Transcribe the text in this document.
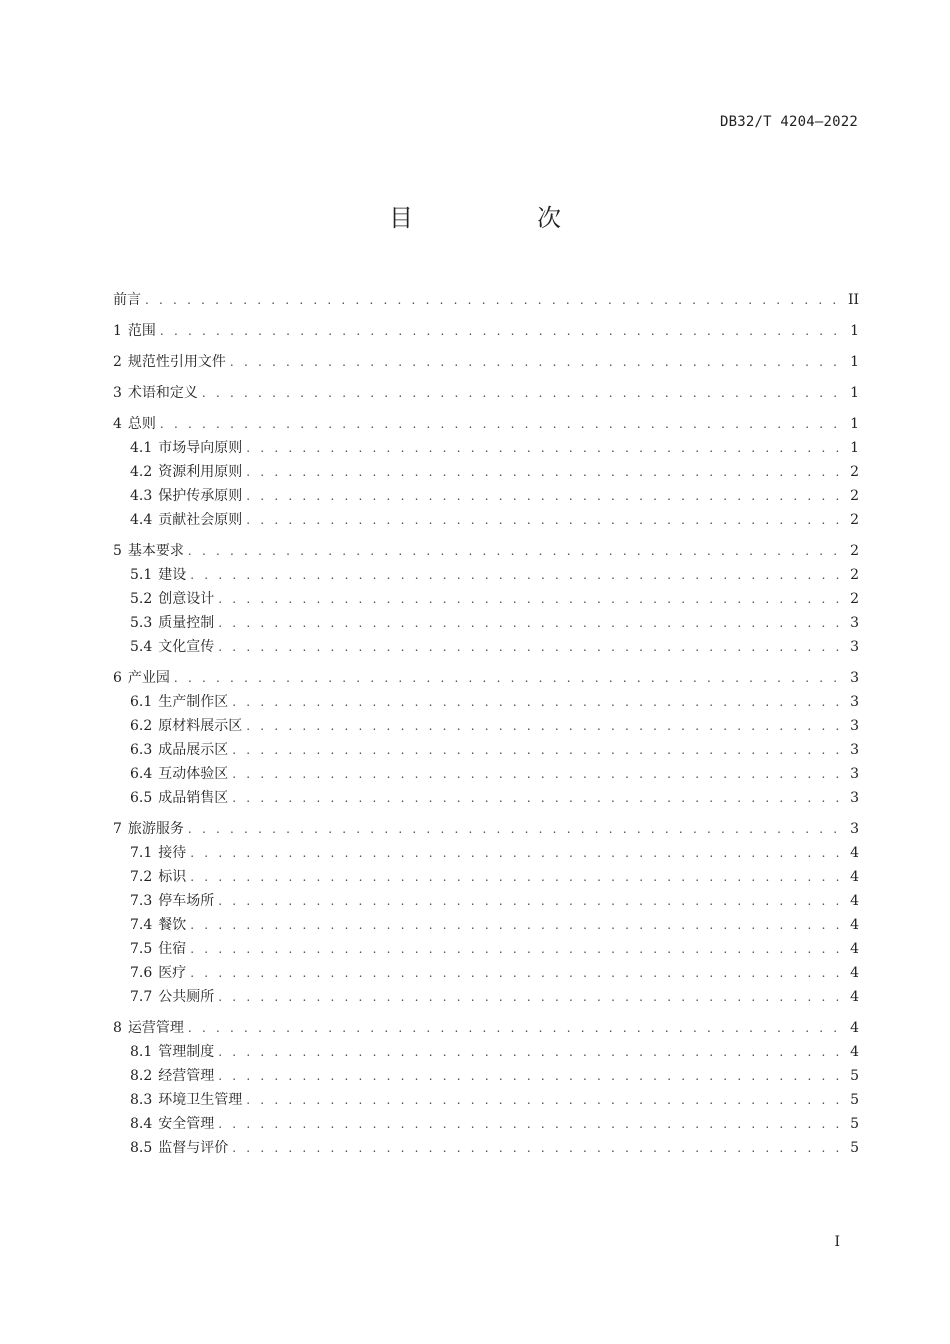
DB32/T 4204—2022
目　次
前言 . . .	II
1 范围 . . .	1
2 规范性引用文件 . . .	1
3 术语和定义 . . .	1
4 总则 . . .	1
4.1 市场导向原则 . . .	1
4.2 资源利用原则 . . .	2
4.3 保护传承原则 . . .	2
4.4 贡献社会原则 . . .	2
5 基本要求 . . .	2
5.1 建设 . . .	2
5.2 创意设计 . . .	2
5.3 质量控制 . . .	3
5.4 文化宣传 . . .	3
6 产业园 . . .	3
6.1 生产制作区 . . .	3
6.2 原材料展示区 . . .	3
6.3 成品展示区 . . .	3
6.4 互动体验区 . . .	3
6.5 成品销售区 . . .	3
7 旅游服务 . . .	3
7.1 接待 . . .	4
7.2 标识 . . .	4
7.3 停车场所 . . .	4
7.4 餐饮 . . .	4
7.5 住宿 . . .	4
7.6 医疗 . . .	4
7.7 公共厕所 . . .	4
8 运营管理 . . .	4
8.1 管理制度 . . .	4
8.2 经营管理 . . .	5
8.3 环境卫生管理 . . .	5
8.4 安全管理 . . .	5
8.5 监督与评价 . . .	5
I
